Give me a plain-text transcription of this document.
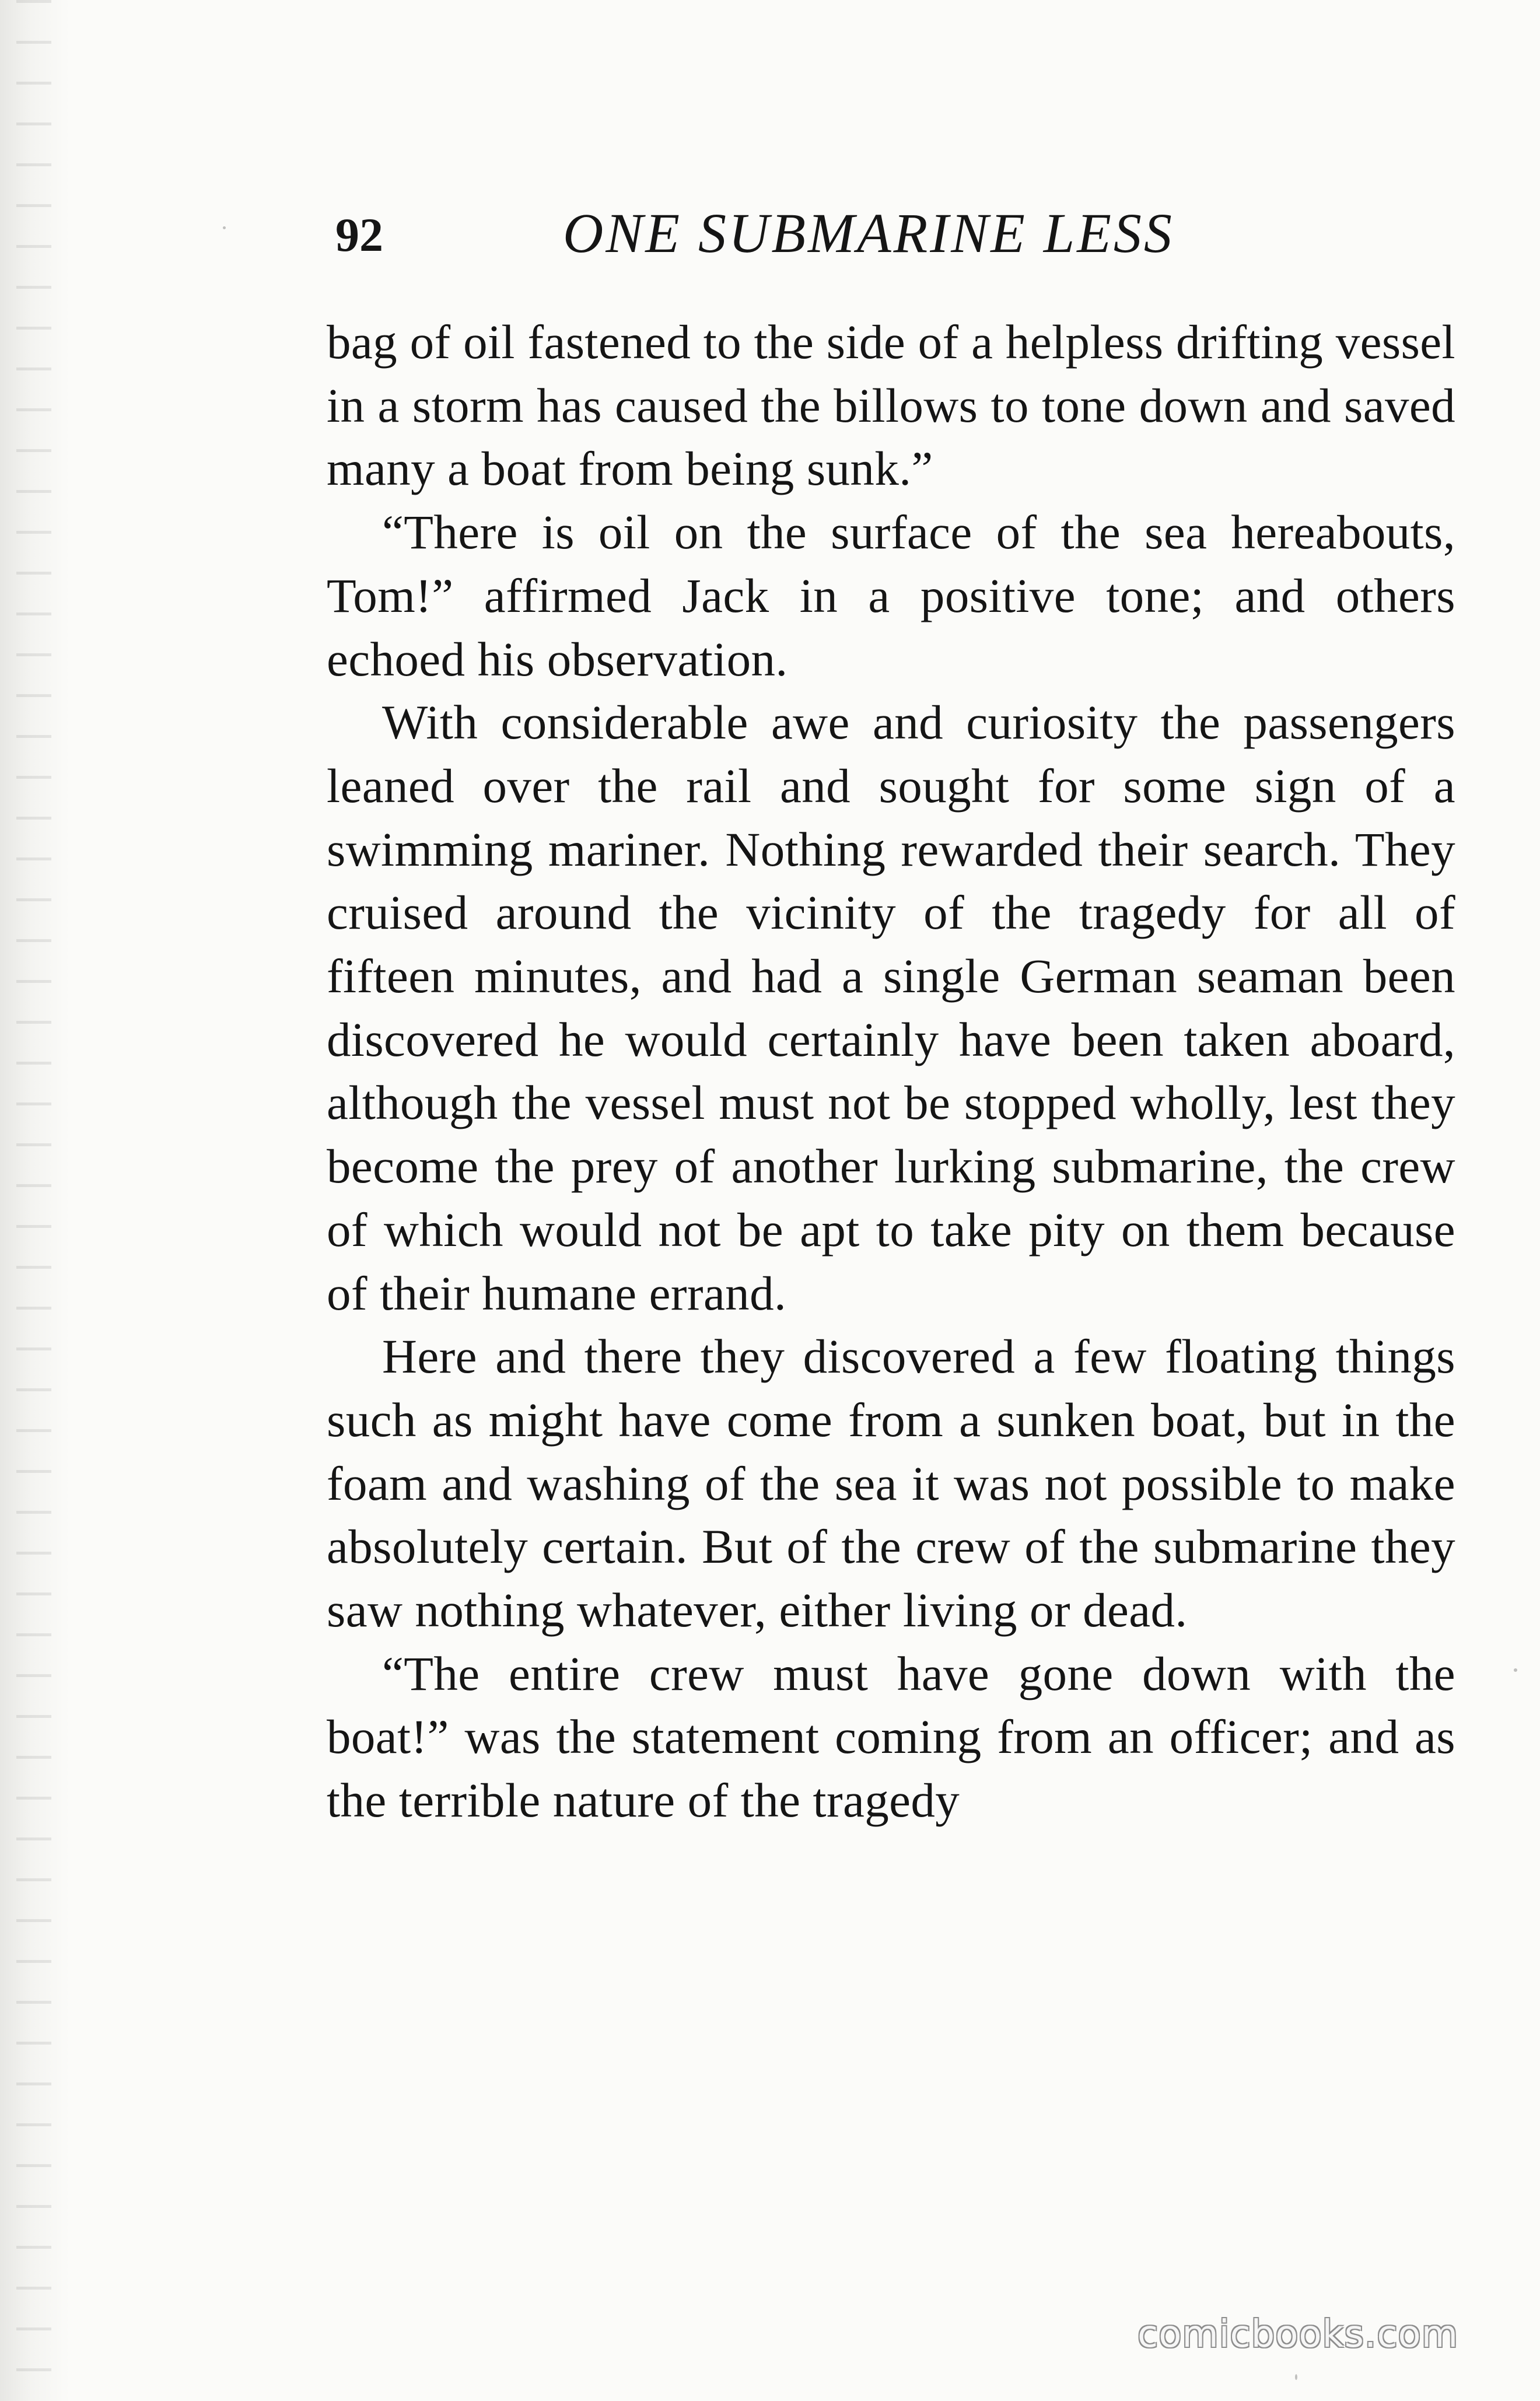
92	ONE SUBMARINE LESS

bag of oil fastened to the side of a helpless drifting vessel in a storm has caused the billows to tone down and saved many a boat from being sunk.”

“There is oil on the surface of the sea hereabouts, Tom!” affirmed Jack in a positive tone; and others echoed his observation.

With considerable awe and curiosity the passengers leaned over the rail and sought for some sign of a swimming mariner. Nothing rewarded their search. They cruised around the vicinity of the tragedy for all of fifteen minutes, and had a single German seaman been discovered he would certainly have been taken aboard, although the vessel must not be stopped wholly, lest they become the prey of another lurking submarine, the crew of which would not be apt to take pity on them because of their humane errand.

Here and there they discovered a few floating things such as might have come from a sunken boat, but in the foam and washing of the sea it was not possible to make absolutely certain. But of the crew of the submarine they saw nothing whatever, either living or dead.

“The entire crew must have gone down with the boat!” was the statement coming from an officer; and as the terrible nature of the tragedy

comicbooks.com
